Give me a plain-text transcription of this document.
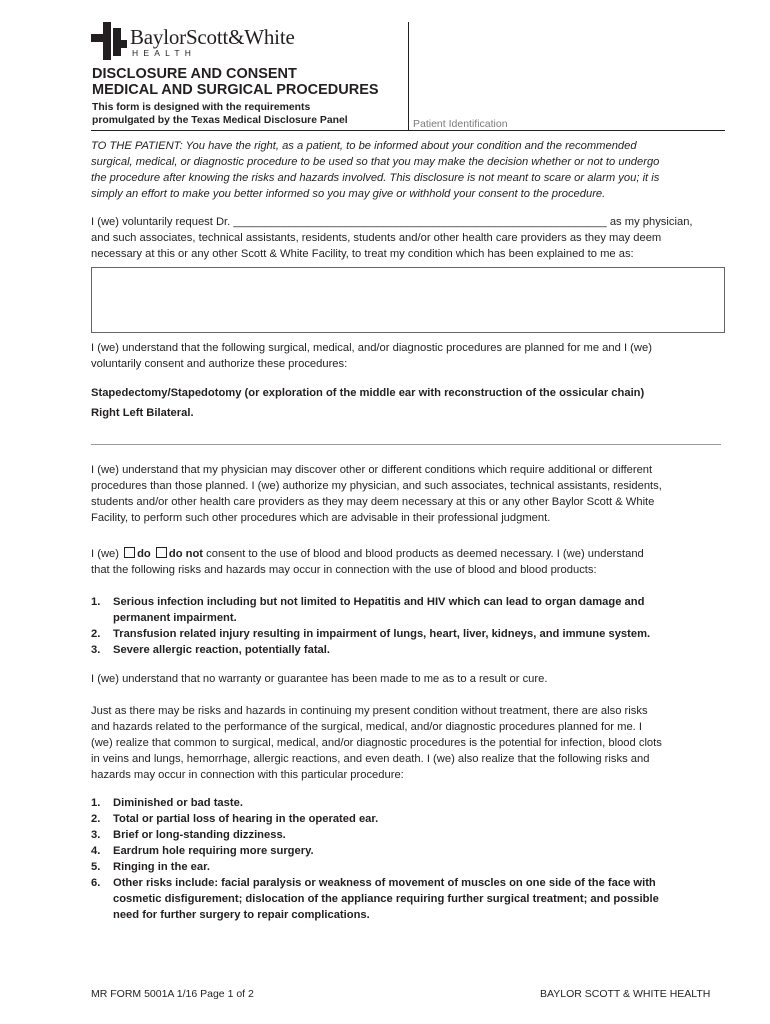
BaylorScott&White
HEALTH
DISCLOSURE AND CONSENT
MEDICAL AND SURGICAL PROCEDURES
This form is designed with the requirements
promulgated by the Texas Medical Disclosure Panel	Patient Identification
TO THE PATIENT: You have the right, as a patient, to be informed about your condition and the recommended
surgical, medical, or diagnostic procedure to be used so that you may make the decision whether or not to undergo
the procedure after knowing the risks and hazards involved. This disclosure is not meant to scare or alarm you; it is
simply an effort to make you better informed so you may give or withhold your consent to the procedure.
I (we) voluntarily request Dr. ____________________________________________________________ as my physician,
and such associates, technical assistants, residents, students and/or other health care providers as they may deem
necessary at this or any other Scott & White Facility, to treat my condition which has been explained to me as:
I (we) understand that the following surgical, medical, and/or diagnostic procedures are planned for me and I (we)
voluntarily consent and authorize these procedures:
Stapedectomy/Stapedotomy (or exploration of the middle ear with reconstruction of the ossicular chain)
Right Left Bilateral.
I (we) understand that my physician may discover other or different conditions which require additional or different
procedures than those planned. I (we) authorize my physician, and such associates, technical assistants, residents,
students and/or other health care providers as they may deem necessary at this or any other Baylor Scott & White
Facility, to perform such other procedures which are advisable in their professional judgment.
I (we) do do not consent to the use of blood and blood products as deemed necessary. I (we) understand
that the following risks and hazards may occur in connection with the use of blood and blood products:
1. Serious infection including but not limited to Hepatitis and HIV which can lead to organ damage and
permanent impairment.
2. Transfusion related injury resulting in impairment of lungs, heart, liver, kidneys, and immune system.
3. Severe allergic reaction, potentially fatal.
I (we) understand that no warranty or guarantee has been made to me as to a result or cure.
Just as there may be risks and hazards in continuing my present condition without treatment, there are also risks
and hazards related to the performance of the surgical, medical, and/or diagnostic procedures planned for me. I
(we) realize that common to surgical, medical, and/or diagnostic procedures is the potential for infection, blood clots
in veins and lungs, hemorrhage, allergic reactions, and even death. I (we) also realize that the following risks and
hazards may occur in connection with this particular procedure:
1. Diminished or bad taste.
2. Total or partial loss of hearing in the operated ear.
3. Brief or long-standing dizziness.
4. Eardrum hole requiring more surgery.
5. Ringing in the ear.
6. Other risks include: facial paralysis or weakness of movement of muscles on one side of the face with
cosmetic disfigurement; dislocation of the appliance requiring further surgical treatment; and possible
need for further surgery to repair complications.
MR FORM 5001A 1/16 Page 1 of 2	BAYLOR SCOTT & WHITE HEALTH
